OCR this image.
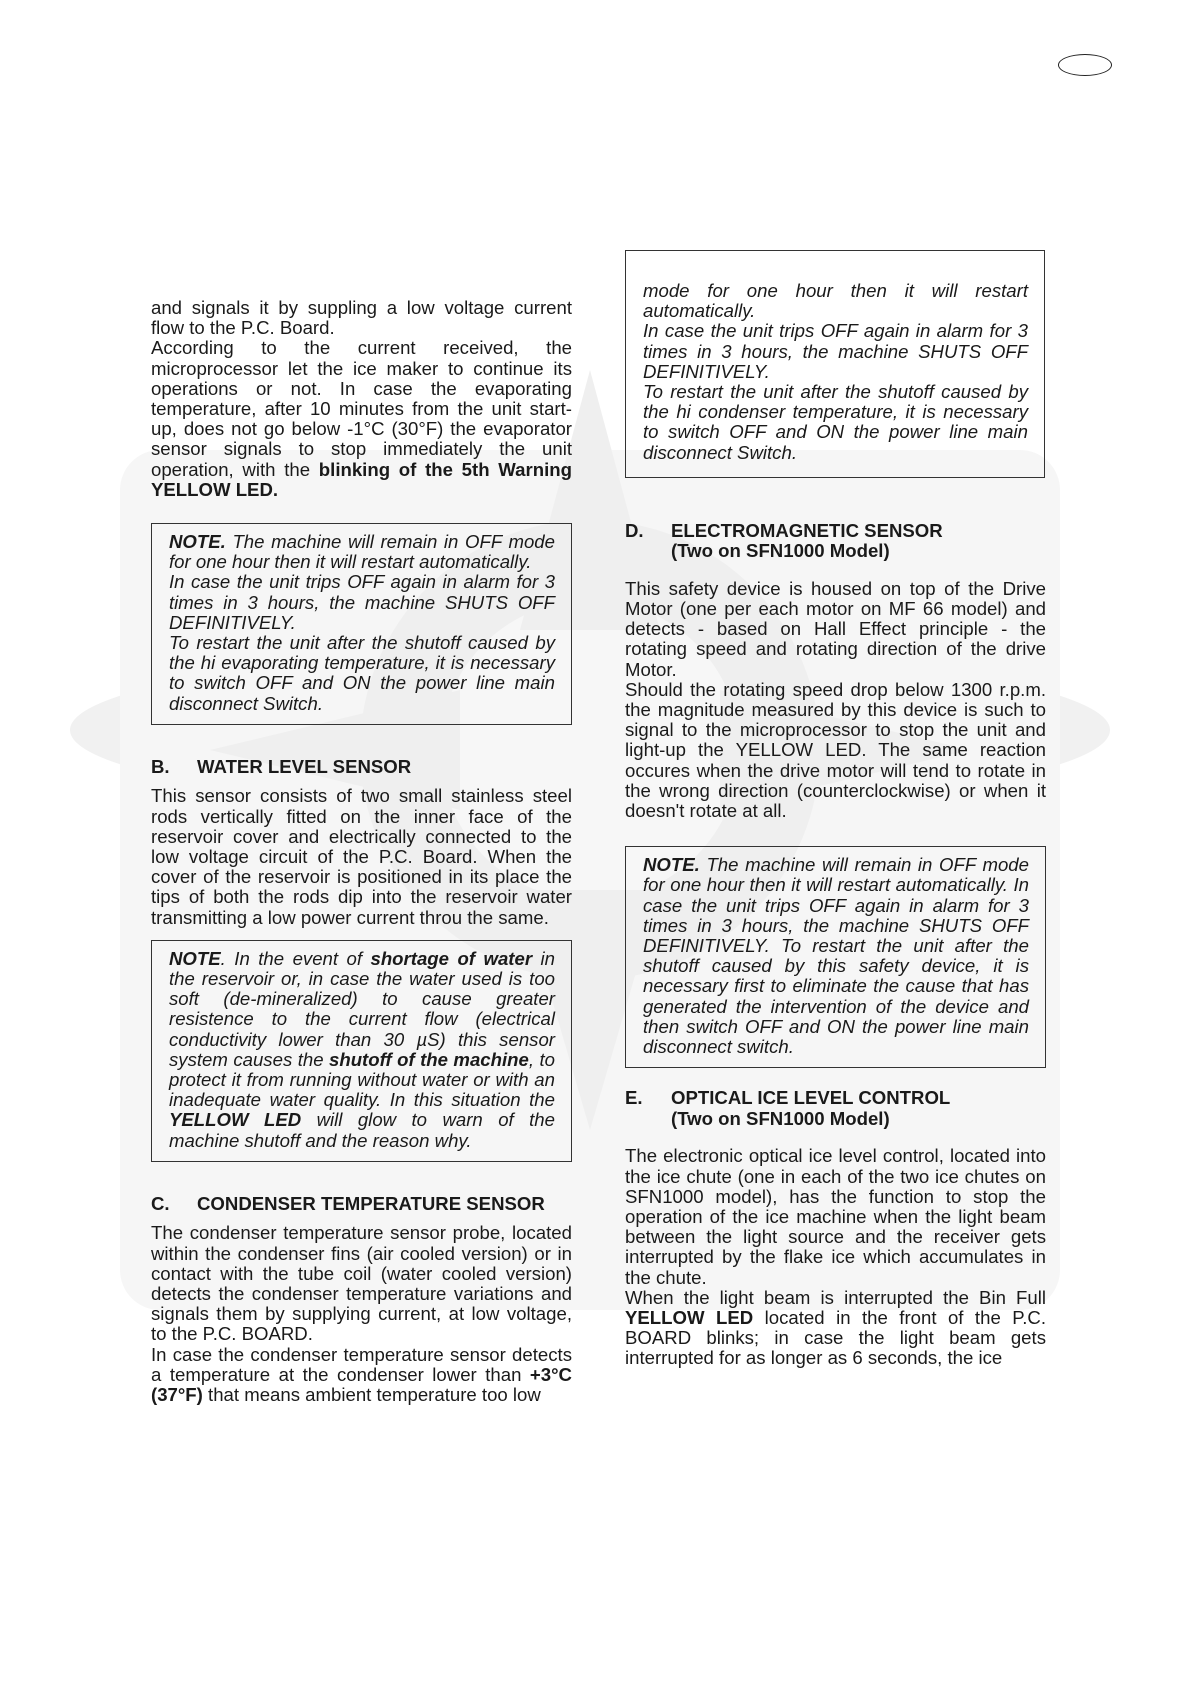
and signals it by suppling a low voltage current flow to the P.C. Board.

According to the current received, the microprocessor let the ice maker to continue its operations or not. In case the evaporating temperature, after 10 minutes from the unit start-up, does not go below -1°C (30°F) the evaporator sensor signals to stop immediately the unit operation, with the blinking of the 5th Warning YELLOW LED.

NOTE. The machine will remain in OFF mode for one hour then it will restart automatically.

In case the unit trips OFF again in alarm for 3 times in 3 hours, the machine SHUTS OFF DEFINITIVELY.

To restart the unit after the shutoff caused by the hi evaporating temperature, it is necessary to switch OFF and ON the power line main disconnect Switch.

B.	WATER LEVEL SENSOR

This sensor consists of two small stainless steel rods vertically fitted on the inner face of the reservoir cover and electrically connected to the low voltage circuit of the P.C. Board. When the cover of the reservoir is positioned in its place the tips of both the rods dip into the reservoir water transmitting a low power current throu the same.

NOTE. In the event of shortage of water in the reservoir or, in case the water used is too soft (de-mineralized) to cause greater resistence to the current flow (electrical conductivity lower than 30 µS) this sensor system causes the shutoff of the machine, to protect it from running without water or with an inadequate water quality. In this situation the YELLOW LED will glow to warn of the machine shutoff and the reason why.

C.	CONDENSER TEMPERATURE SENSOR

The condenser temperature sensor probe, located within the condenser fins (air cooled version) or in contact with the tube coil (water cooled version) detects the condenser temperature variations and signals them by supplying current, at low voltage, to the P.C. BOARD.

In case the condenser temperature sensor detects a temperature at the condenser lower than +3°C (37°F) that means ambient temperature too low

mode for one hour then it will restart automatically.

In case the unit trips OFF again in alarm for 3 times in 3 hours, the machine SHUTS OFF DEFINITIVELY.

To restart the unit after the shutoff caused by the hi condenser temperature, it is necessary to switch OFF and ON the power line main disconnect Switch.

D.	ELECTROMAGNETIC SENSOR
(Two on SFN1000 Model)

This safety device is housed on top of the Drive Motor (one per each motor on MF 66 model) and detects - based on Hall Effect principle - the rotating speed and rotating direction of the drive Motor.

Should the rotating speed drop below 1300 r.p.m. the magnitude measured by this device is such to signal to the microprocessor to stop the unit and light-up the YELLOW LED. The same reaction occures when the drive motor will tend to rotate in the wrong direction (counterclockwise) or when it doesn't rotate at all.

NOTE. The machine will remain in OFF mode for one hour then it will restart automatically. In case the unit trips OFF again in alarm for 3 times in 3 hours, the machine SHUTS OFF DEFINITIVELY. To restart the unit after the shutoff caused by this safety device, it is necessary first to eliminate the cause that has generated the intervention of the device and then switch OFF and ON the power line main disconnect switch.

E.	OPTICAL ICE LEVEL CONTROL
(Two on SFN1000 Model)

The electronic optical ice level control, located into the ice chute (one in each of the two ice chutes on SFN1000 model), has the function to stop the operation of the ice machine when the light beam between the light source and the receiver gets interrupted by the flake ice which accumulates in the chute.

When the light beam is interrupted the Bin Full YELLOW LED located in the front of the P.C. BOARD blinks; in case the light beam gets interrupted for as longer as 6 seconds, the ice
